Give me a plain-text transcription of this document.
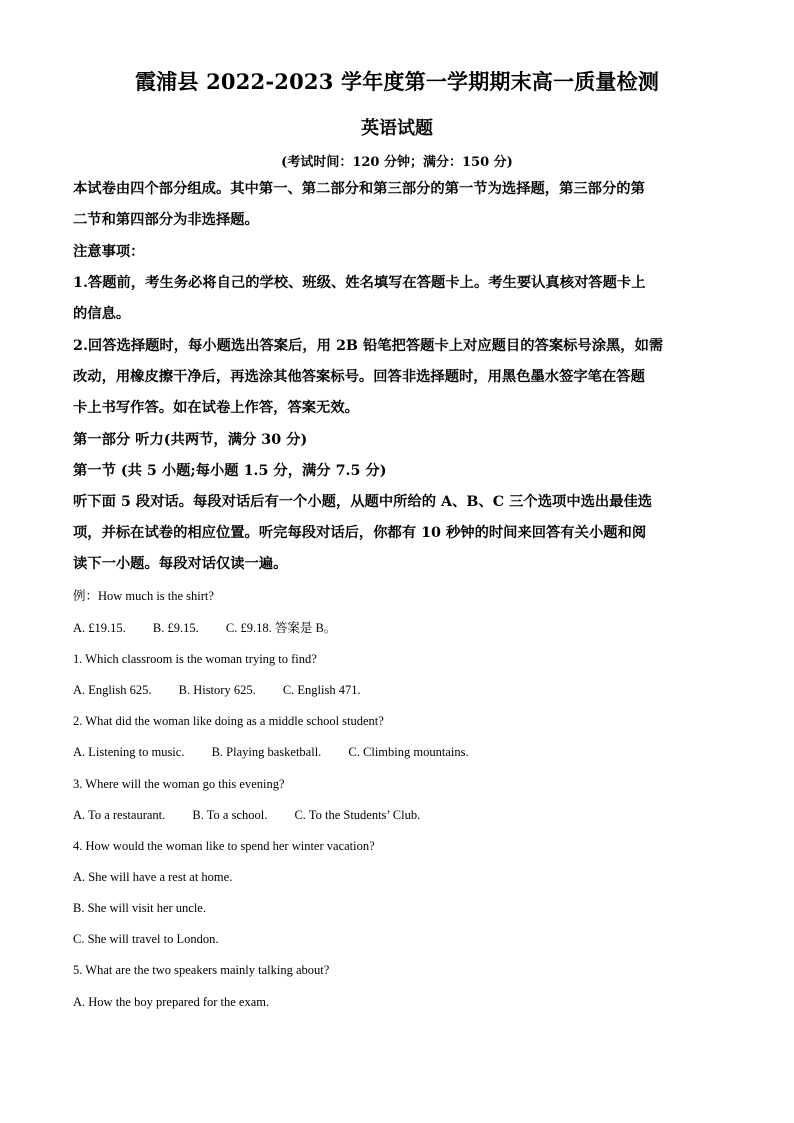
霞浦县 2022-2023 学年度第一学期期末高一质量检测
英语试题
(考试时间：120 分钟；满分：150 分)
本试卷由四个部分组成。其中第一、第二部分和第三部分的第一节为选择题，第三部分的第
二节和第四部分为非选择题。
注意事项：
1.答题前，考生务必将自己的学校、班级、姓名填写在答题卡上。考生要认真核对答题卡上
的信息。
2.回答选择题时，每小题选出答案后，用 2B 铅笔把答题卡上对应题目的答案标号涂黑，如需
改动，用橡皮擦干净后，再选涂其他答案标号。回答非选择题时，用黑色墨水签字笔在答题
卡上书写作答。如在试卷上作答，答案无效。
第一部分 听力(共两节，满分 30 分)
第一节 (共 5 小题;每小题 1.5 分，满分 7.5 分)
听下面 5 段对话。每段对话后有一个小题，从题中所给的 A、B、C 三个选项中选出最佳选
项，并标在试卷的相应位置。听完每段对话后，你都有 10 秒钟的时间来回答有关小题和阅
读下一小题。每段对话仅读一遍。
例：How much is the shirt?
A. £19.15. B. £9.15. C. £9.18. 答案是 B。
1. Which classroom is the woman trying to find?
A. English 625. B. History 625. C. English 471.
2. What did the woman like doing as a middle school student?
A. Listening to music. B. Playing basketball. C. Climbing mountains.
3. Where will the woman go this evening?
A. To a restaurant. B. To a school. C. To the Students’ Club.
4. How would the woman like to spend her winter vacation?
A. She will have a rest at home.
B. She will visit her uncle.
C. She will travel to London.
5. What are the two speakers mainly talking about?
A. How the boy prepared for the exam.
